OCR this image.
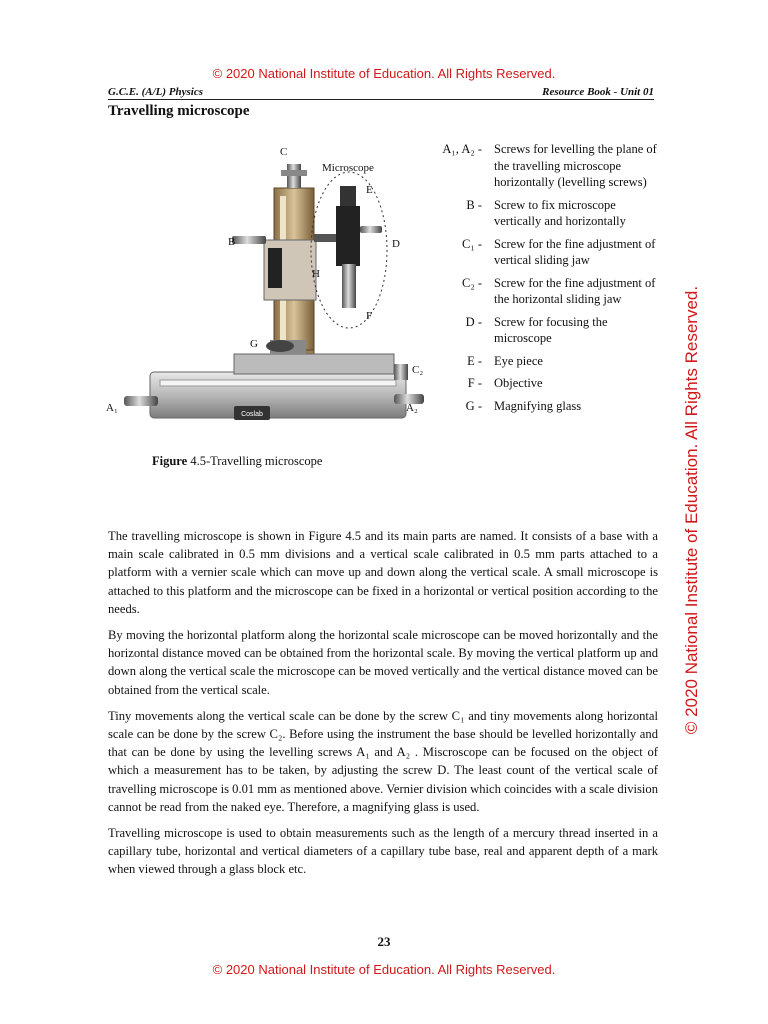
© 2020 National Institute of Education. All Rights Reserved.
© 2020 National Institute of Education. All Rights Reserved.
G.C.E. (A/L) Physics	Resource Book - Unit 01
Travelling microscope
Coslab
C
Microscope
E
B	D
H
F
G
C₂
A₁	A₂
Figure 4.5-Travelling microscope
A₁, A₂ - Screws for levelling the plane of the travelling microscope horizontally (levelling screws)
B - Screw to fix microscope vertically and horizontally
C₁ - Screw for the fine adjustment of vertical sliding jaw
C₂ - Screw for the fine adjustment of the horizontal sliding jaw
D - Screw for focusing the microscope
E - Eye piece
F - Objective
G - Magnifying glass

The travelling microscope is shown in Figure 4.5 and its main parts are named. It consists of a base with a main scale calibrated in 0.5 mm divisions and a vertical scale calibrated in 0.5 mm parts attached to a platform with a vernier scale which can move up and down along the vertical scale. A small microscope is attached to this platform and the microscope can be fixed in a horizontal or vertical position according to the needs.

By moving the horizontal platform along the horizontal scale microscope can be moved horizontally and the horizontal distance moved can be obtained from the horizontal scale. By moving the vertical platform up and down along the vertical scale the microscope can be moved vertically and the vertical distance moved can be obtained from the vertical scale.

Tiny movements along the vertical scale can be done by the screw C₁ and tiny movements along horizontal scale can be done by the screw C₂. Before using the instrument the base should be levelled horizontally and that can be done by using the levelling screws A₁ and A₂ . Miscroscope can be focused on the object of which a measurement has to be taken, by adjusting the screw D. The least count of the vertical scale of travelling microscope is 0.01 mm as mentioned above. Vernier division which coincides with a scale division cannot be read from the naked eye. Therefore, a magnifying glass is used.

Travelling microscope is used to obtain measurements such as the length of a mercury thread inserted in a capillary tube, horizontal and vertical diameters of a capillary tube base, real and apparent depth of a mark when viewed through a glass block etc.

23
© 2020 National Institute of Education. All Rights Reserved.
